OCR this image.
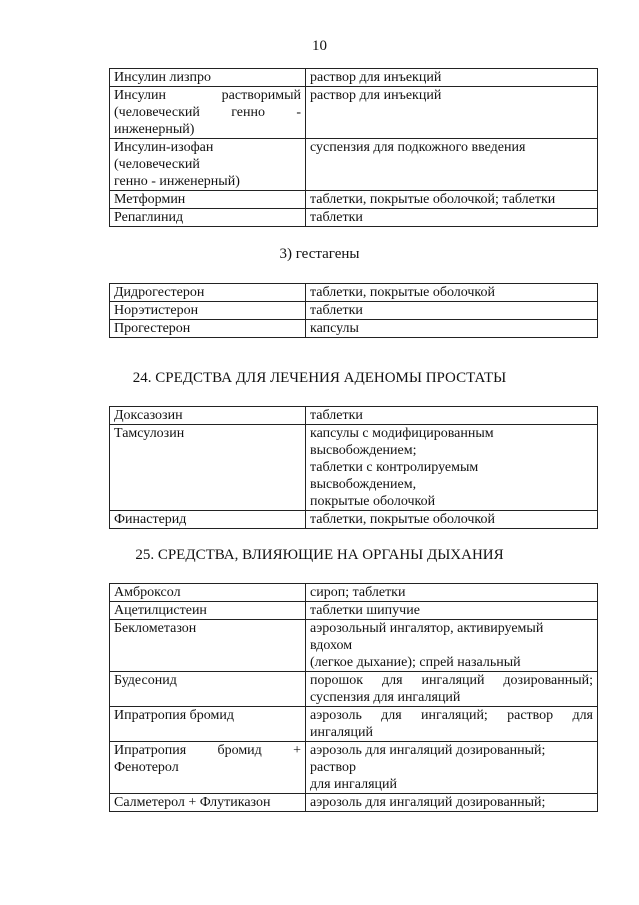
10
Инсулин лизпро	раствор для инъекций

Инсулин растворимый
(человеческий генно -
инженерный)	раствор для инъекций

Инсулин-изофан
(человеческий
генно - инженерный)	суспензия для подкожного введения

Метформин	таблетки, покрытые оболочкой; таблетки

Репаглинид	таблетки
3) гестагены
Дидрогестерон	таблетки, покрытые оболочкой

Норэтистерон	таблетки

Прогестерон	капсулы
24. СРЕДСТВА ДЛЯ ЛЕЧЕНИЯ АДЕНОМЫ ПРОСТАТЫ
Доксазозин	таблетки

Тамсулозин	капсулы с модифицированным
высвобождением;
таблетки с контролируемым
высвобождением,
покрытые оболочкой

Финастерид	таблетки, покрытые оболочкой
25. СРЕДСТВА, ВЛИЯЮЩИЕ НА ОРГАНЫ ДЫХАНИЯ
Амброксол	сироп; таблетки

Ацетилцистеин	таблетки шипучие

Беклометазон	аэрозольный ингалятор, активируемый
вдохом
(легкое дыхание); спрей назальный

Будесонид	порошок для ингаляций дозированный;
суспензия для ингаляций

Ипратропия бромид	аэрозоль для ингаляций; раствор для
ингаляций

Ипратропия бромид +
Фенотерол	аэрозоль для ингаляций дозированный;
раствор
для ингаляций

Салметерол + Флутиказон	аэрозоль для ингаляций дозированный;
